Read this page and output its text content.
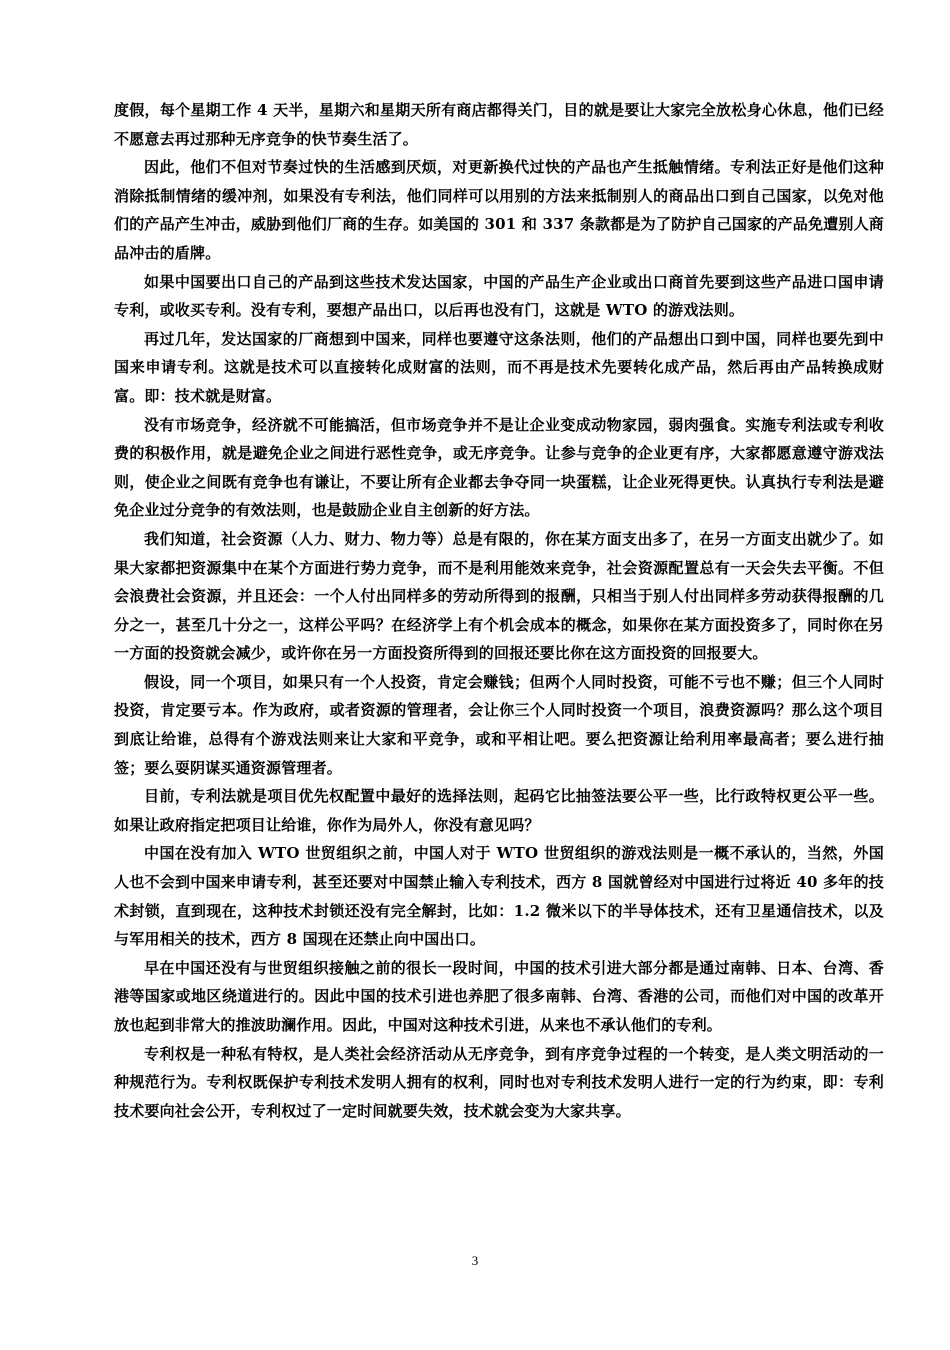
度假，每个星期工作 4 天半，星期六和星期天所有商店都得关门，目的就是要让大家完全放松身心休息，他们已经不愿意去再过那种无序竞争的快节奏生活了。

因此，他们不但对节奏过快的生活感到厌烦，对更新换代过快的产品也产生抵触情绪。专利法正好是他们这种消除抵制情绪的缓冲剂，如果没有专利法，他们同样可以用别的方法来抵制别人的商品出口到自己国家，以免对他们的产品产生冲击，威胁到他们厂商的生存。如美国的 301 和 337 条款都是为了防护自己国家的产品免遭别人商品冲击的盾牌。

如果中国要出口自己的产品到这些技术发达国家，中国的产品生产企业或出口商首先要到这些产品进口国申请专利，或收买专利。没有专利，要想产品出口，以后再也没有门，这就是 WTO 的游戏法则。

再过几年，发达国家的厂商想到中国来，同样也要遵守这条法则，他们的产品想出口到中国，同样也要先到中国来申请专利。这就是技术可以直接转化成财富的法则，而不再是技术先要转化成产品，然后再由产品转换成财富。即：技术就是财富。

没有市场竞争，经济就不可能搞活，但市场竞争并不是让企业变成动物家园，弱肉强食。实施专利法或专利收费的积极作用，就是避免企业之间进行恶性竞争，或无序竞争。让参与竞争的企业更有序，大家都愿意遵守游戏法则，使企业之间既有竞争也有谦让，不要让所有企业都去争夺同一块蛋糕，让企业死得更快。认真执行专利法是避免企业过分竞争的有效法则，也是鼓励企业自主创新的好方法。

我们知道，社会资源（人力、财力、物力等）总是有限的，你在某方面支出多了，在另一方面支出就少了。如果大家都把资源集中在某个方面进行势力竞争，而不是利用能效来竞争，社会资源配置总有一天会失去平衡。不但会浪费社会资源，并且还会：一个人付出同样多的劳动所得到的报酬，只相当于别人付出同样多劳动获得报酬的几分之一，甚至几十分之一，这样公平吗？在经济学上有个机会成本的概念，如果你在某方面投资多了，同时你在另一方面的投资就会减少，或许你在另一方面投资所得到的回报还要比你在这方面投资的回报要大。

假设，同一个项目，如果只有一个人投资，肯定会赚钱；但两个人同时投资，可能不亏也不赚；但三个人同时投资，肯定要亏本。作为政府，或者资源的管理者，会让你三个人同时投资一个项目，浪费资源吗？那么这个项目到底让给谁，总得有个游戏法则来让大家和平竞争，或和平相让吧。要么把资源让给利用率最高者；要么进行抽签；要么耍阴谋买通资源管理者。

目前，专利法就是项目优先权配置中最好的选择法则，起码它比抽签法要公平一些，比行政特权更公平一些。如果让政府指定把项目让给谁，你作为局外人，你没有意见吗？

中国在没有加入 WTO 世贸组织之前，中国人对于 WTO 世贸组织的游戏法则是一概不承认的，当然，外国人也不会到中国来申请专利，甚至还要对中国禁止输入专利技术，西方 8 国就曾经对中国进行过将近 40 多年的技术封锁，直到现在，这种技术封锁还没有完全解封，比如：1.2 微米以下的半导体技术，还有卫星通信技术，以及与军用相关的技术，西方 8 国现在还禁止向中国出口。

早在中国还没有与世贸组织接触之前的很长一段时间，中国的技术引进大部分都是通过南韩、日本、台湾、香港等国家或地区绕道进行的。因此中国的技术引进也养肥了很多南韩、台湾、香港的公司，而他们对中国的改革开放也起到非常大的推波助澜作用。因此，中国对这种技术引进，从来也不承认他们的专利。

专利权是一种私有特权，是人类社会经济活动从无序竞争，到有序竞争过程的一个转变，是人类文明活动的一种规范行为。专利权既保护专利技术发明人拥有的权利，同时也对专利技术发明人进行一定的行为约束，即：专利技术要向社会公开，专利权过了一定时间就要失效，技术就会变为大家共享。

3
